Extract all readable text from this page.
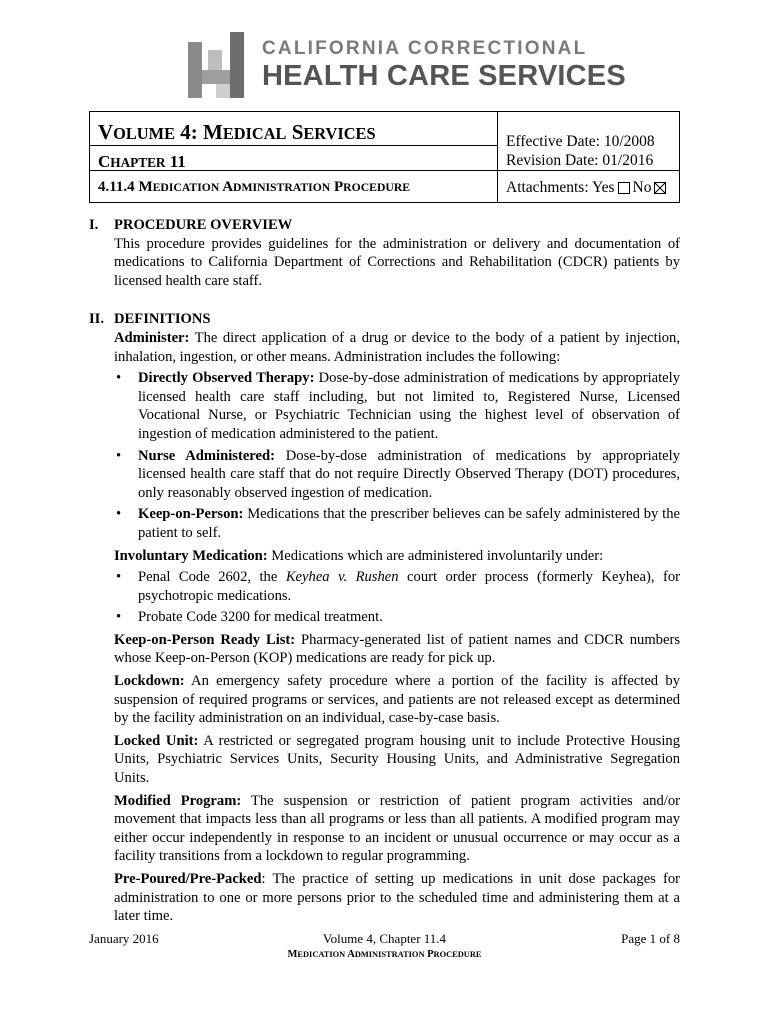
CALIFORNIA CORRECTIONAL
HEALTH CARE SERVICES
VOLUME 4: MEDICAL SERVICES
CHAPTER 11
4.11.4 MEDICATION ADMINISTRATION PROCEDURE
Effective Date: 10/2008
Revision Date: 01/2016
Attachments: Yes No
I.	PROCEDURE OVERVIEW
This procedure provides guidelines for the administration or delivery and documentation of medications to California Department of Corrections and Rehabilitation (CDCR) patients by licensed health care staff.
II. DEFINITIONS
Administer: The direct application of a drug or device to the body of a patient by injection, inhalation, ingestion, or other means. Administration includes the following:
•	Directly Observed Therapy: Dose-by-dose administration of medications by appropriately licensed health care staff including, but not limited to, Registered Nurse, Licensed Vocational Nurse, or Psychiatric Technician using the highest level of observation of ingestion of medication administered to the patient.
•	Nurse Administered: Dose-by-dose administration of medications by appropriately licensed health care staff that do not require Directly Observed Therapy (DOT) procedures, only reasonably observed ingestion of medication.
•	Keep-on-Person: Medications that the prescriber believes can be safely administered by the patient to self.
Involuntary Medication: Medications which are administered involuntarily under:
•	Penal Code 2602, the Keyhea v. Rushen court order process (formerly Keyhea), for psychotropic medications.
•	Probate Code 3200 for medical treatment.
Keep-on-Person Ready List: Pharmacy-generated list of patient names and CDCR numbers whose Keep-on-Person (KOP) medications are ready for pick up.
Lockdown: An emergency safety procedure where a portion of the facility is affected by suspension of required programs or services, and patients are not released except as determined by the facility administration on an individual, case-by-case basis.
Locked Unit: A restricted or segregated program housing unit to include Protective Housing Units, Psychiatric Services Units, Security Housing Units, and Administrative Segregation Units.
Modified Program: The suspension or restriction of patient program activities and/or movement that impacts less than all programs or less than all patients. A modified program may either occur independently in response to an incident or unusual occurrence or may occur as a facility transitions from a lockdown to regular programming.
Pre-Poured/Pre-Packed: The practice of setting up medications in unit dose packages for administration to one or more persons prior to the scheduled time and administering them at a later time.
January 2016	Volume 4, Chapter 11.4	Page 1 of 8
MEDICATION ADMINISTRATION PROCEDURE
